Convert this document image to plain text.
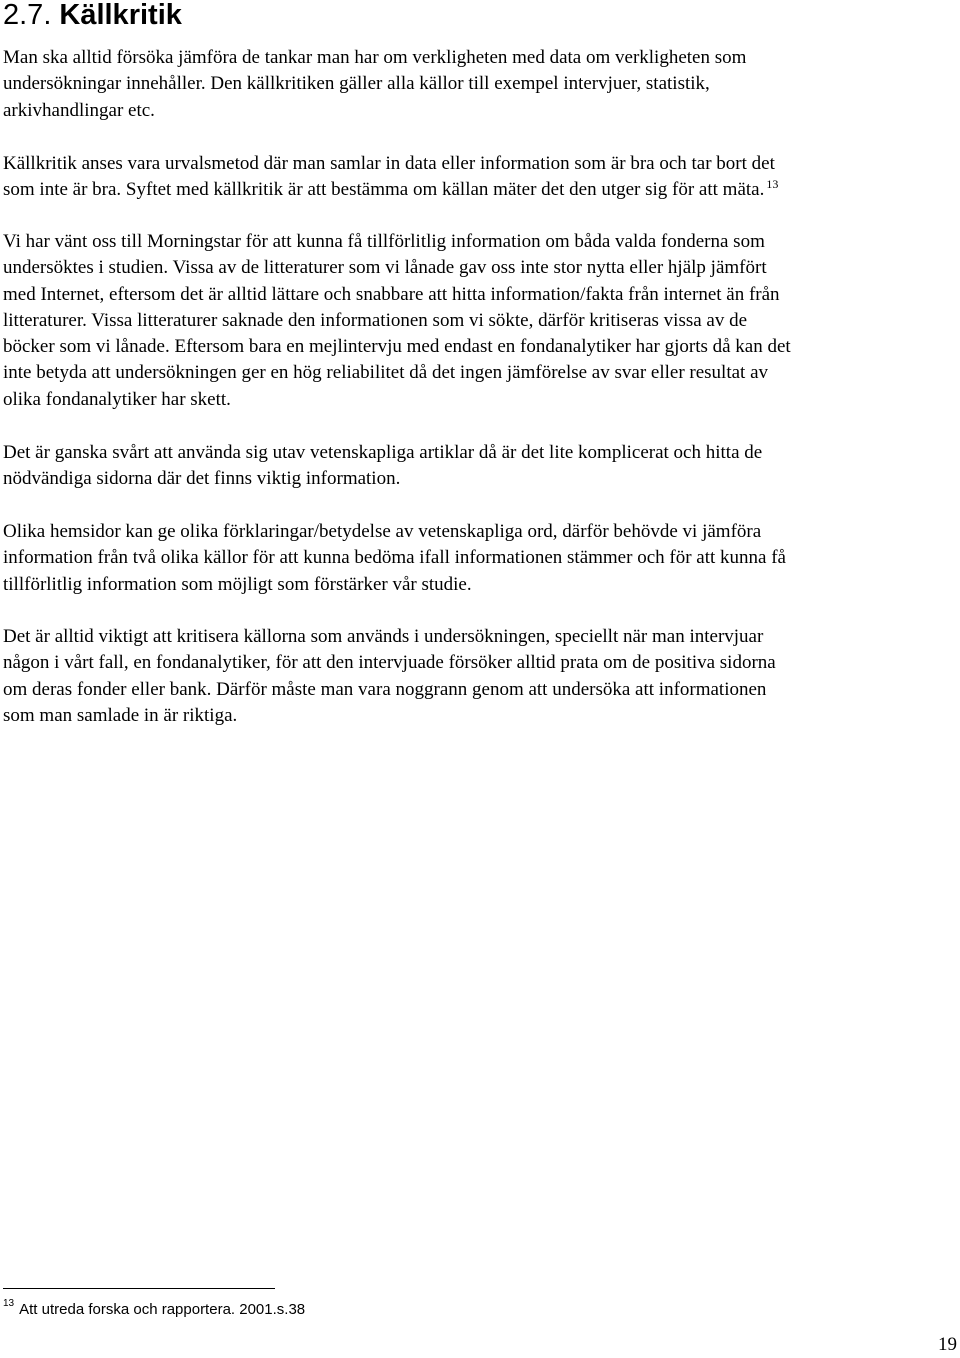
2.7. Källkritik

Man ska alltid försöka jämföra de tankar man har om verkligheten med data om verkligheten som
undersökningar innehåller. Den källkritiken gäller alla källor till exempel intervjuer, statistik,
arkivhandlingar etc.

Källkritik anses vara urvalsmetod där man samlar in data eller information som är bra och tar bort det
som inte är bra. Syftet med källkritik är att bestämma om källan mäter det den utger sig för att mäta. $^{13}$

Vi har vänt oss till Morningstar för att kunna få tillförlitlig information om båda valda fonderna som
undersöktes i studien. Vissa av de litteraturer som vi lånade gav oss inte stor nytta eller hjälp jämfört
med Internet, eftersom det är alltid lättare och snabbare att hitta information/fakta från internet än från
litteraturer. Vissa litteraturer saknade den informationen som vi sökte, därför kritiseras vissa av de
böcker som vi lånade. Eftersom bara en mejlintervju med endast en fondanalytiker har gjorts då kan det
inte betyda att undersökningen ger en hög reliabilitet då det ingen jämförelse av svar eller resultat av
olika fondanalytiker har skett.

Det är ganska svårt att använda sig utav vetenskapliga artiklar då är det lite komplicerat och hitta de
nödvändiga sidorna där det finns viktig information.

Olika hemsidor kan ge olika förklaringar/betydelse av vetenskapliga ord, därför behövde vi jämföra
information från två olika källor för att kunna bedöma ifall informationen stämmer och för att kunna få
tillförlitlig information som möjligt som förstärker vår studie.

Det är alltid viktigt att kritisera källorna som används i undersökningen, speciellt när man intervjuar
någon i vårt fall, en fondanalytiker, för att den intervjuade försöker alltid prata om de positiva sidorna
om deras fonder eller bank. Därför måste man vara noggrann genom att undersöka att informationen
som man samlade in är riktiga.

$^{13}$ Att utreda forska och rapportera. 2001.s.38

19
